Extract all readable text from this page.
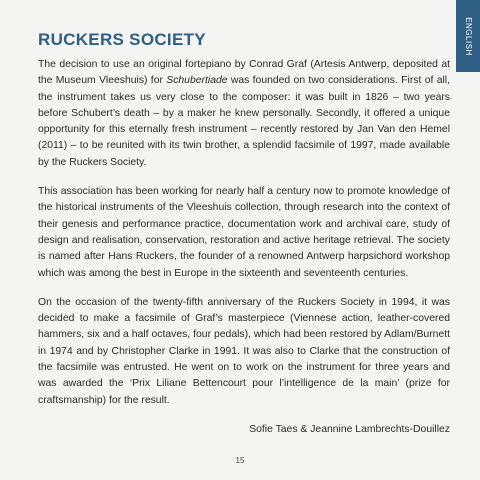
ENGLISH
RUCKERS SOCIETY

The decision to use an original fortepiano by Conrad Graf (Artesis Antwerp, deposited at the Museum Vleeshuis) for Schubertiade was founded on two considerations. First of all, the instrument takes us very close to the composer: it was built in 1826 – two years before Schubert’s death – by a maker he knew personally. Secondly, it offered a unique opportunity for this eternally fresh instrument – recently restored by Jan Van den Hemel (2011) – to be reunited with its twin brother, a splendid facsimile of 1997, made available by the Ruckers Society.

This association has been working for nearly half a century now to promote knowledge of the historical instruments of the Vleeshuis collection, through research into the context of their genesis and performance practice, documentation work and archival care, study of design and realisation, conservation, restoration and active heritage retrieval. The society is named after Hans Ruckers, the founder of a renowned Antwerp harpsichord workshop which was among the best in Europe in the sixteenth and seventeenth centuries.

On the occasion of the twenty-fifth anniversary of the Ruckers Society in 1994, it was decided to make a facsimile of Graf’s masterpiece (Viennese action, leather-covered hammers, six and a half octaves, four pedals), which had been restored by Adlam/Burnett in 1974 and by Christopher Clarke in 1991. It was also to Clarke that the construction of the facsimile was entrusted. He went on to work on the instrument for three years and was awarded the ‘Prix Liliane Bettencourt pour l’intelligence de la main’ (prize for craftsmanship) for the result.

Sofie Taes & Jeannine Lambrechts-Douillez
15
